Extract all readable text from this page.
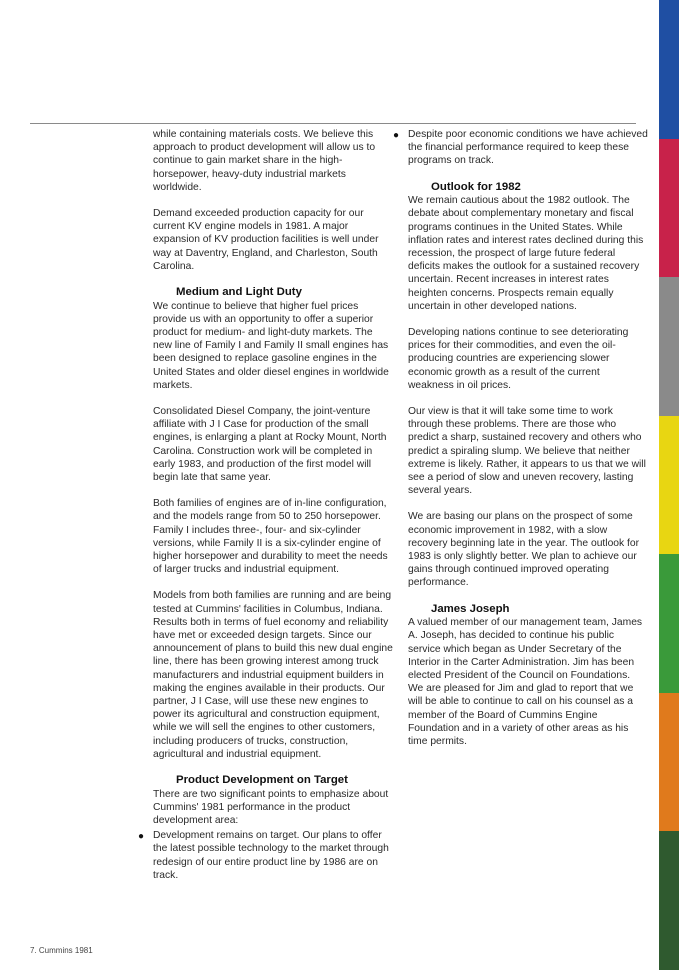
while containing materials costs. We believe this approach to product development will allow us to continue to gain market share in the high-horsepower, heavy-duty industrial markets worldwide.

Demand exceeded production capacity for our current KV engine models in 1981. A major expansion of KV production facilities is well under way at Daventry, England, and Charleston, South Carolina.

Medium and Light Duty

We continue to believe that higher fuel prices provide us with an opportunity to offer a superior product for medium- and light-duty markets. The new line of Family I and Family II small engines has been designed to replace gasoline engines in the United States and older diesel engines in worldwide markets.

Consolidated Diesel Company, the joint-venture affiliate with J I Case for production of the small engines, is enlarging a plant at Rocky Mount, North Carolina. Construction work will be completed in early 1983, and production of the first model will begin late that same year.

Both families of engines are of in-line configuration, and the models range from 50 to 250 horsepower. Family I includes three-, four- and six-cylinder versions, while Family II is a six-cylinder engine of higher horsepower and durability to meet the needs of larger trucks and industrial equipment.

Models from both families are running and are being tested at Cummins' facilities in Columbus, Indiana. Results both in terms of fuel economy and reliability have met or exceeded design targets. Since our announcement of plans to build this new dual engine line, there has been growing interest among truck manufacturers and industrial equipment builders in making the engines available in their products. Our partner, J I Case, will use these new engines to power its agricultural and construction equipment, while we will sell the engines to other customers, including producers of trucks, construction, agricultural and industrial equipment.

Product Development on Target

There are two significant points to emphasize about Cummins' 1981 performance in the product development area:

● Development remains on target. Our plans to offer the latest possible technology to the market through redesign of our entire product line by 1986 are on track.
● Despite poor economic conditions we have achieved the financial performance required to keep these programs on track.
Outlook for 1982

We remain cautious about the 1982 outlook. The debate about complementary monetary and fiscal programs continues in the United States. While inflation rates and interest rates declined during this recession, the prospect of large future federal deficits makes the outlook for a sustained recovery uncertain. Recent increases in interest rates heighten concerns. Prospects remain equally uncertain in other developed nations.

Developing nations continue to see deteriorating prices for their commodities, and even the oil-producing countries are experiencing slower economic growth as a result of the current weakness in oil prices.

Our view is that it will take some time to work through these problems. There are those who predict a sharp, sustained recovery and others who predict a spiraling slump. We believe that neither extreme is likely. Rather, it appears to us that we will see a period of slow and uneven recovery, lasting several years.

We are basing our plans on the prospect of some economic improvement in 1982, with a slow recovery beginning late in the year. The outlook for 1983 is only slightly better. We plan to achieve our gains through continued improved operating performance.

James Joseph

A valued member of our management team, James A. Joseph, has decided to continue his public service which began as Under Secretary of the Interior in the Carter Administration. Jim has been elected President of the Council on Foundations. We are pleased for Jim and glad to report that we will be able to continue to call on his counsel as a member of the Board of Cummins Engine Foundation and in a variety of other areas as his time permits.

7. Cummins 1981
